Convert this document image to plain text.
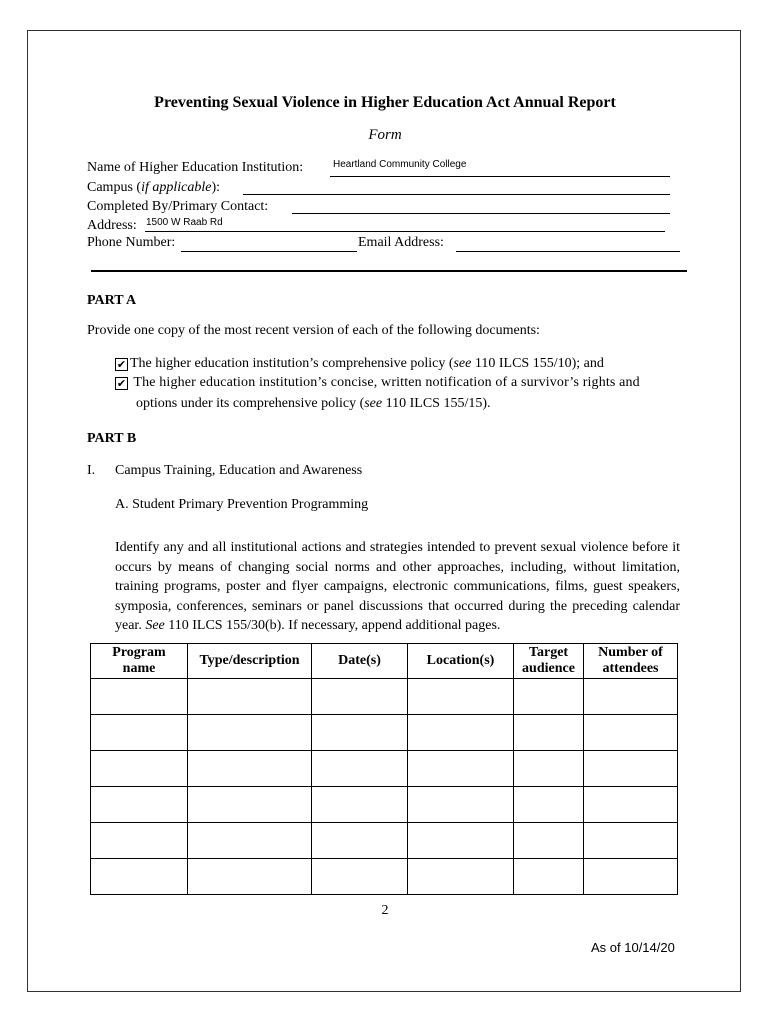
Preventing Sexual Violence in Higher Education Act Annual Report
Form
Name of Higher Education Institution:	Heartland Community College
Campus (if applicable):
Completed By/Primary Contact:
Address: 1500 W Raab Rd
Phone Number:	Email Address:
PART A
Provide one copy of the most recent version of each of the following documents:
✔ The higher education institution’s comprehensive policy (see 110 ILCS 155/10); and
✔ The higher education institution’s concise, written notification of a survivor’s rights and
options under its comprehensive policy (see 110 ILCS 155/15).
PART B
I. Campus Training, Education and Awareness
A. Student Primary Prevention Programming
Identify any and all institutional actions and strategies intended to prevent sexual violence before it occurs by means of changing social norms and other approaches, including, without limitation, training programs, poster and flyer campaigns, electronic communications, films, guest speakers, symposia, conferences, seminars or panel discussions that occurred during the preceding calendar year. See 110 ILCS 155/30(b). If necessary, append additional pages.
Program name	Type/description	Date(s)	Location(s)	Target audience	Number of attendees

2
As of 10/14/20
